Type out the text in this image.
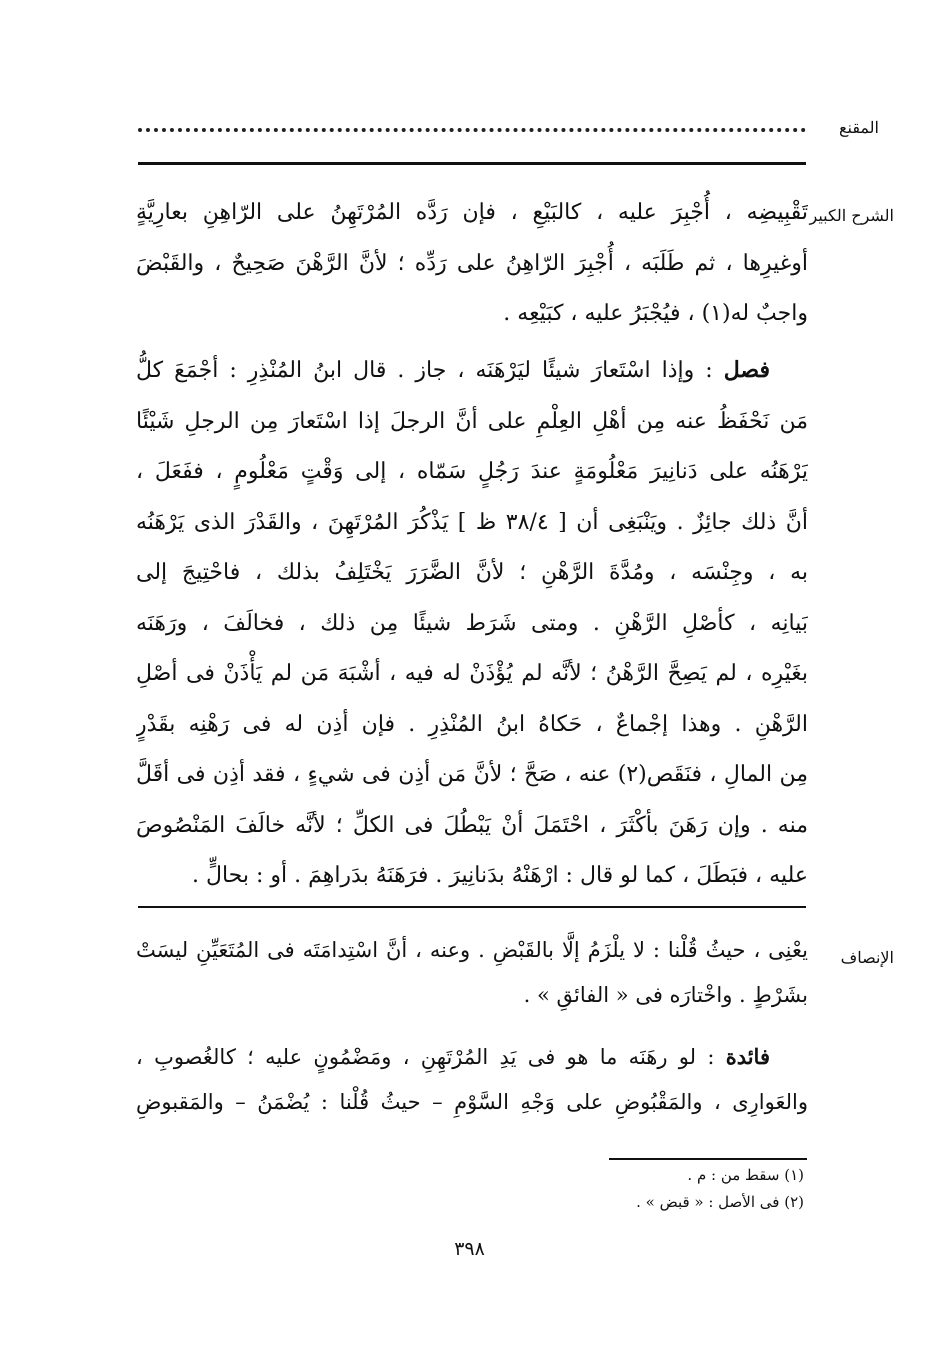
المقنع
الشرح الكبير
تَقْبِيضِه ، أُجْبِرَ عليه ، كالبَيْعِ ، فإن رَدَّه المُرْتَهِنُ على الرّاهِنِ بعارِيَّةٍ
أوغيرِها ، ثم طَلَبَه ، أُجْبِرَ الرّاهِنُ على رَدِّه ؛ لأنَّ الرَّهْنَ صَحِيحٌ ، والقَبْضَ
واجبٌ له(١) ، فيُجْبَرُ عليه ، كبَيْعِه .
فصل : وإذا اسْتَعارَ شيئًا ليَرْهَنَه ، جاز . قال ابنُ المُنْذِرِ : أجْمَعَ كلُّ
مَن نَحْفَظُ عنه مِن أهْلِ العِلْمِ على أنَّ الرجلَ إذا اسْتَعارَ مِن الرجلِ شَيْئًا
يَرْهَنُه على دَنانِيرَ مَعْلُومَةٍ عندَ رَجُلٍ سَمّاه ، إلى وَقْتٍ مَعْلُومٍ ، ففَعَلَ ،
أنَّ ذلك جائِزٌ . ويَنْبَغِى أن [ ٣٨/٤ ظ ] يَذْكُرَ المُرْتَهِنَ ، والقَدْرَ الذى يَرْهَنُه
به ، وجِنْسَه ، ومُدَّةَ الرَّهْنِ ؛ لأنَّ الضَّرَرَ يَخْتَلِفُ بذلك ، فاحْتِيجَ إلى
بَيانِه ، كأصْلِ الرَّهْنِ . ومتى شَرَط شيئًا مِن ذلك ، فخالَفَ ، ورَهَنَه
بغَيْرِه ، لم يَصِحَّ الرَّهْنُ ؛ لأنَّه لم يُؤْذَنْ له فيه ، أشْبَهَ مَن لم يَأْذَنْ فى أصْلِ
الرَّهْنِ . وهذا إجْماعٌ ، حَكاهُ ابنُ المُنْذِرِ . فإن أذِن له فى رَهْنِه بقَدْرٍ
مِن المالِ ، فنَقَص(٢) عنه ، صَحَّ ؛ لأنَّ مَن أذِن فى شيءٍ ، فقد أذِن فى أقَلَّ
منه . وإن رَهَنَ بأكْثَرَ ، احْتَمَلَ أنْ يَبْطُلَ فى الكلِّ ؛ لأنَّه خالَفَ المَنْصُوصَ
عليه ، فبَطَلَ ، كما لو قال : ارْهَنْهُ بدَنانِيرَ . فرَهَنَهُ بدَراهِمَ . أو : بحالٍّ .
الإنصاف
يعْنِى ، حيثُ قُلْنا : لا يلْزَمُ إلَّا بالقَبْضِ . وعنه ، أنَّ اسْتِدامَتَه فى المُتَعَيِّنِ ليسَتْ
بشَرْطٍ . واخْتارَه فى « الفائقِ » .
فائدة : لو رهَنَه ما هو فى يَدِ المُرْتَهِنِ ، ومَضْمُونٍ عليه ؛ كالغُصوبِ ،
والعَوارِى ، والمَقْبُوضِ على وَجْهِ السَّوْمِ – حيثُ قُلْنا : يُضْمَنُ – والمَقبوضِ
(١) سقط من : م .
(٢) فى الأصل : « قبض » .
٣٩٨
